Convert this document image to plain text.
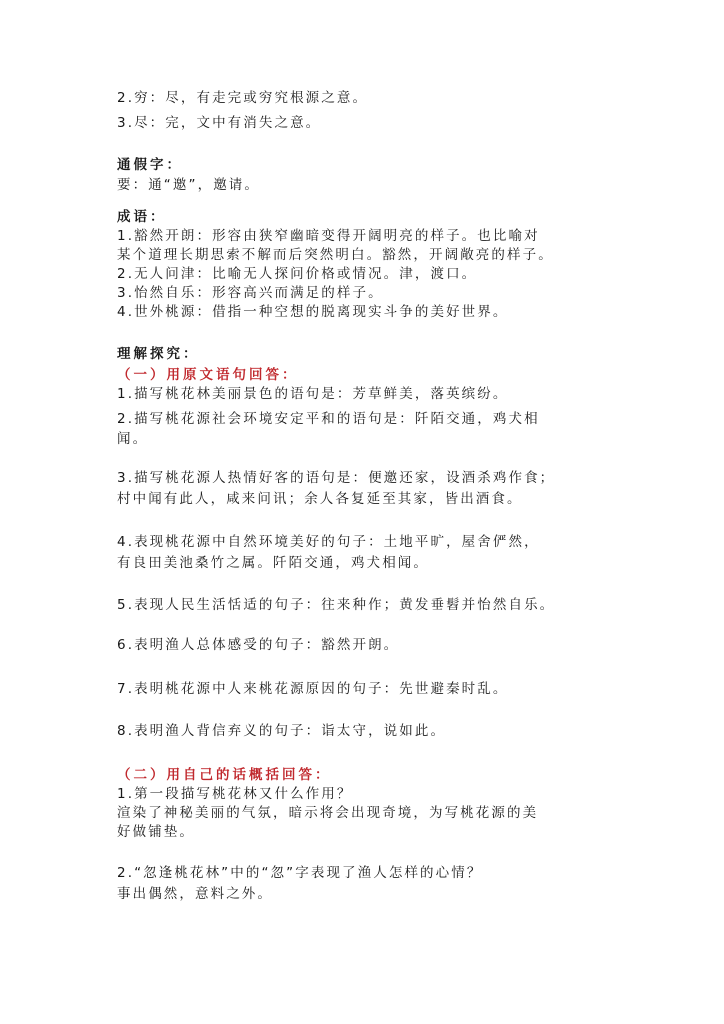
2.穷：尽，有走完或穷究根源之意。
3.尽：完，文中有消失之意。
通假字：
要：通“邀”，邀请。
成语：
1.豁然开朗：形容由狭窄幽暗变得开阔明亮的样子。也比喻对
某个道理长期思索不解而后突然明白。豁然，开阔敞亮的样子。
2.无人问津：比喻无人探问价格或情况。津，渡口。
3.怡然自乐：形容高兴而满足的样子。
4.世外桃源：借指一种空想的脱离现实斗争的美好世界。
理解探究：
（一）用原文语句回答：
1.描写桃花林美丽景色的语句是：芳草鲜美，落英缤纷。
2.描写桃花源社会环境安定平和的语句是：阡陌交通，鸡犬相
闻。
3.描写桃花源人热情好客的语句是：便邀还家，设酒杀鸡作食；
村中闻有此人，咸来问讯；余人各复延至其家，皆出酒食。
4.表现桃花源中自然环境美好的句子：土地平旷，屋舍俨然，
有良田美池桑竹之属。阡陌交通，鸡犬相闻。
5.表现人民生活恬适的句子：往来种作；黄发垂髫并怡然自乐。
6.表明渔人总体感受的句子：豁然开朗。
7.表明桃花源中人来桃花源原因的句子：先世避秦时乱。
8.表明渔人背信弃义的句子：诣太守，说如此。
（二）用自己的话概括回答：
1.第一段描写桃花林又什么作用？
渲染了神秘美丽的气氛，暗示将会出现奇境，为写桃花源的美
好做铺垫。
2.“忽逢桃花林”中的“忽”字表现了渔人怎样的心情？
事出偶然，意料之外。
